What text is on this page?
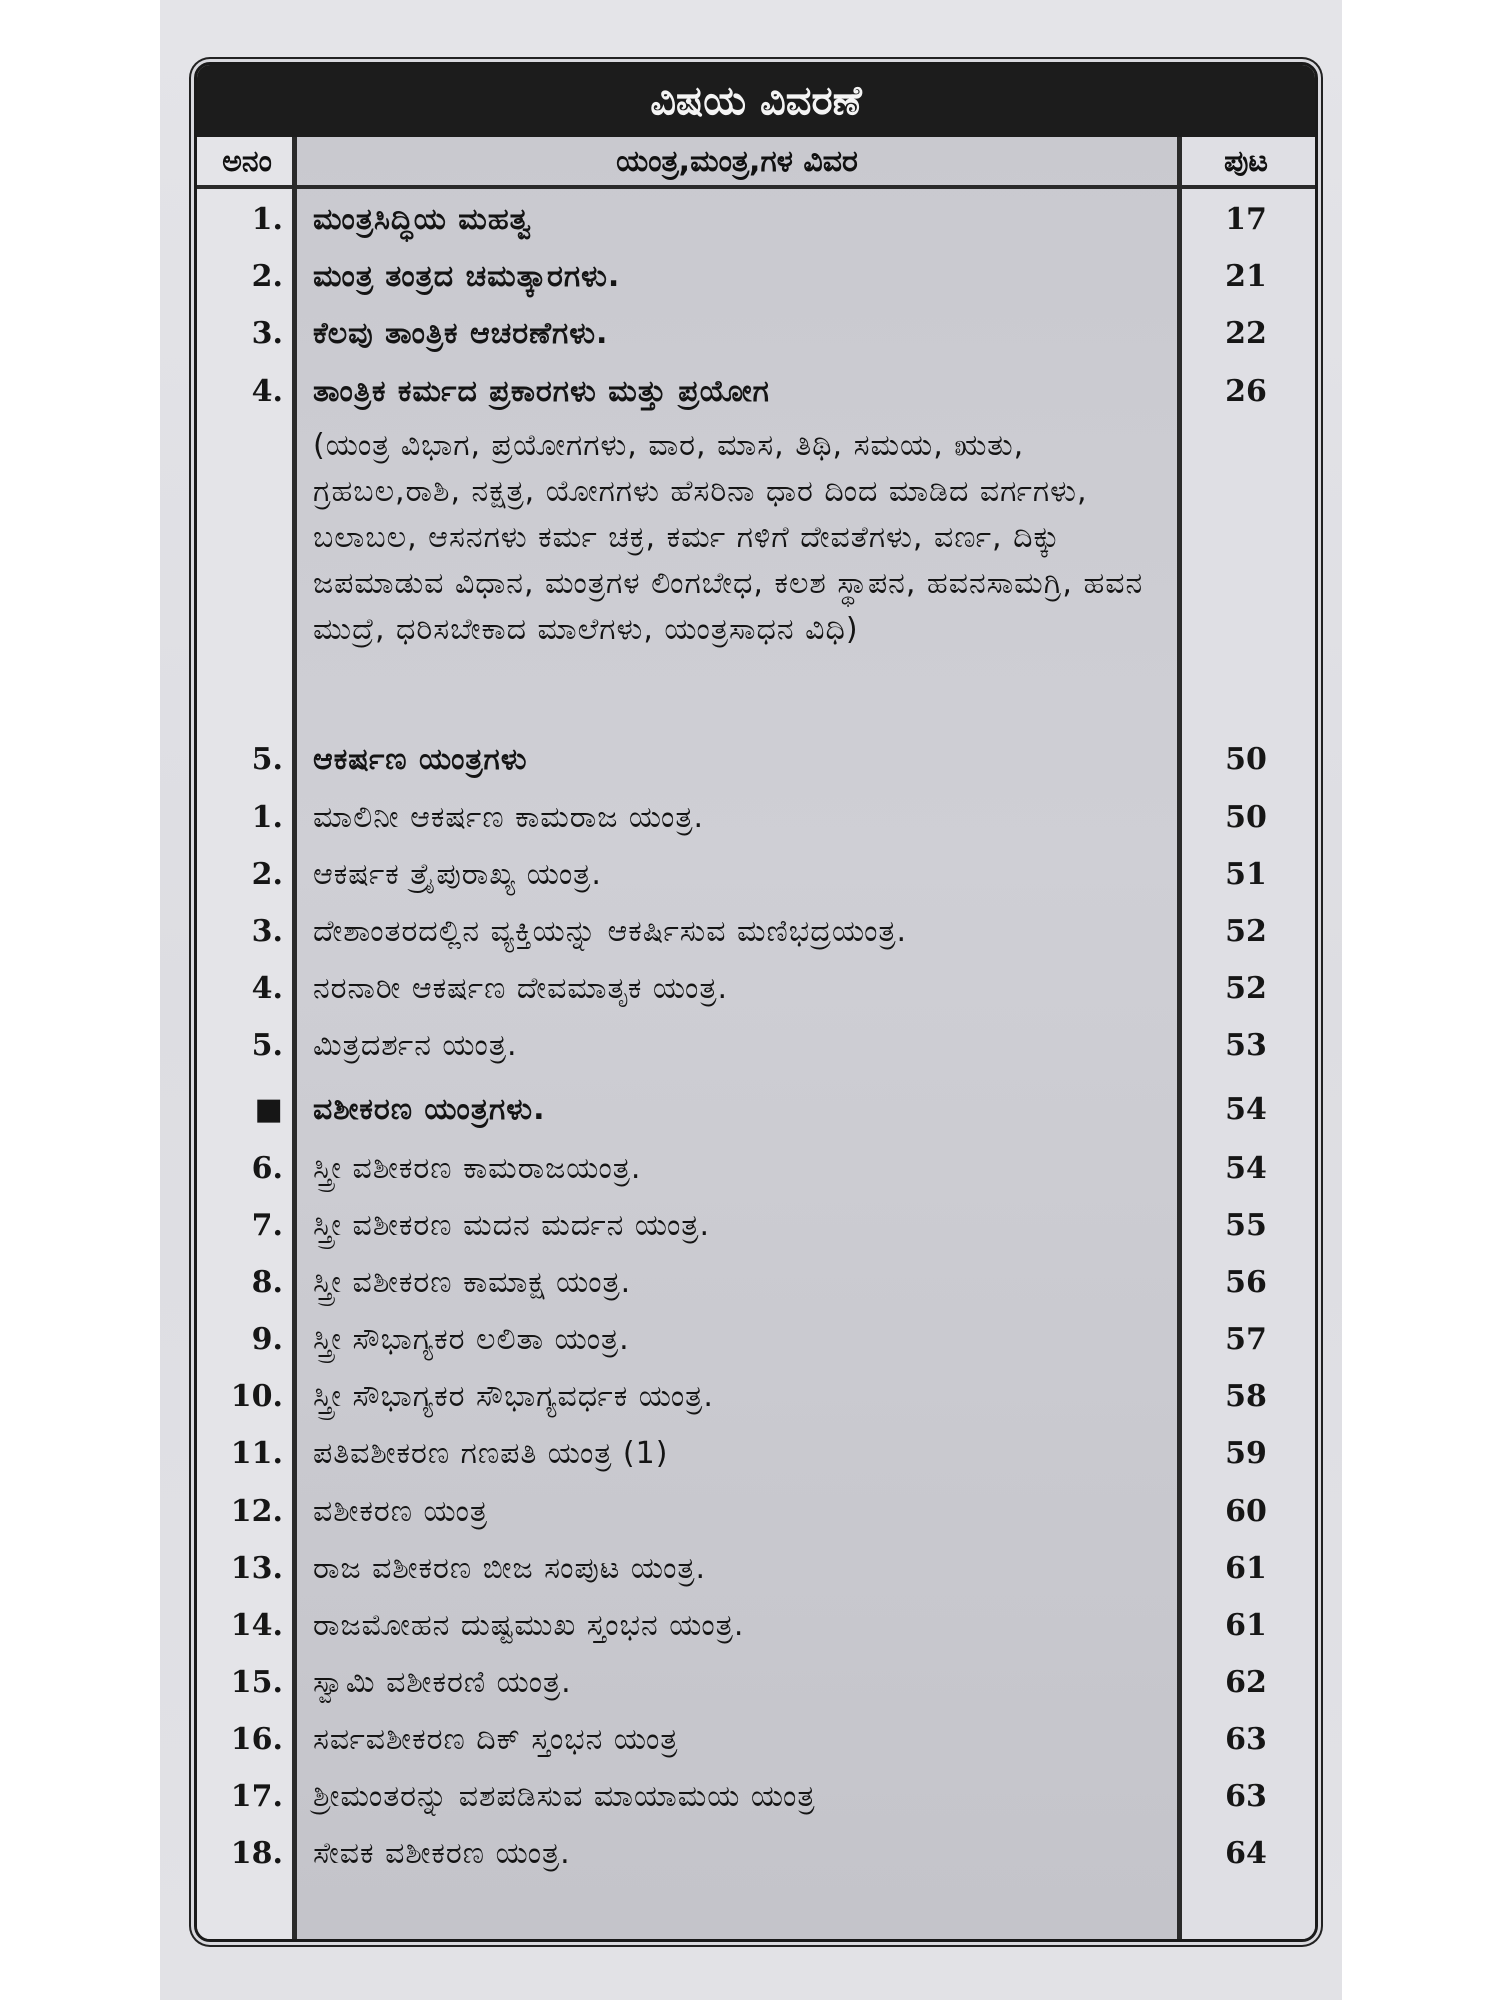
ವಿಷಯ ವಿವರಣೆ
ಅನಂ	ಯಂತ್ರ,ಮಂತ್ರ,ಗಳ ವಿವರ	ಪುಟ
1. ಮಂತ್ರಸಿದ್ಧಿಯ ಮಹತ್ವ	17
2. ಮಂತ್ರ ತಂತ್ರದ ಚಮತ್ಕಾರಗಳು.	21
3. ಕೆಲವು ತಾಂತ್ರಿಕ ಆಚರಣೆಗಳು.	22
4. ತಾಂತ್ರಿಕ ಕರ್ಮದ ಪ್ರಕಾರಗಳು ಮತ್ತು ಪ್ರಯೋಗ	26
(ಯಂತ್ರ ವಿಭಾಗ, ಪ್ರಯೋಗಗಳು, ವಾರ, ಮಾಸ, ತಿಥಿ, ಸಮಯ, ಋತು, ಗ್ರಹಬಲ,ರಾಶಿ, ನಕ್ಷತ್ರ, ಯೋಗಗಳು ಹೆಸರಿನಾ ಧಾರ ದಿಂದ ಮಾಡಿದ ವರ್ಗಗಳು, ಬಲಾಬಲ, ಆಸನಗಳು ಕರ್ಮ ಚಕ್ರ, ಕರ್ಮ ಗಳಿಗೆ ದೇವತೆಗಳು, ವರ್ಣ, ದಿಕ್ಕು ಜಪಮಾಡುವ ವಿಧಾನ, ಮಂತ್ರಗಳ ಲಿಂಗಬೇಧ, ಕಲಶ ಸ್ಥಾಪನ, ಹವನಸಾಮಗ್ರಿ, ಹವನ ಮುದ್ರೆ, ಧರಿಸಬೇಕಾದ ಮಾಲೆಗಳು, ಯಂತ್ರಸಾಧನ ವಿಧಿ)
5. ಆಕರ್ಷಣ ಯಂತ್ರಗಳು	50
1. ಮಾಲಿನೀ ಆಕರ್ಷಣ ಕಾಮರಾಜ ಯಂತ್ರ.	50
2. ಆಕರ್ಷಕ ತ್ರೈಪುರಾಖ್ಯ ಯಂತ್ರ.	51
3. ದೇಶಾಂತರದಲ್ಲಿನ ವ್ಯಕ್ತಿಯನ್ನು ಆಕರ್ಷಿಸುವ ಮಣಿಭದ್ರಯಂತ್ರ.	52
4. ನರನಾರೀ ಆಕರ್ಷಣ ದೇವಮಾತೃಕ ಯಂತ್ರ.	52
5. ಮಿತ್ರದರ್ಶನ ಯಂತ್ರ.	53
■ ವಶೀಕರಣ ಯಂತ್ರಗಳು.	54
6. ಸ್ತ್ರೀ ವಶೀಕರಣ ಕಾಮರಾಜಯಂತ್ರ.	54
7. ಸ್ತ್ರೀ ವಶೀಕರಣ ಮದನ ಮರ್ದನ ಯಂತ್ರ.	55
8. ಸ್ತ್ರೀ ವಶೀಕರಣ ಕಾಮಾಕ್ಷ ಯಂತ್ರ.	56
9. ಸ್ತ್ರೀ ಸೌಭಾಗ್ಯಕರ ಲಲಿತಾ ಯಂತ್ರ.	57
10. ಸ್ತ್ರೀ ಸೌಭಾಗ್ಯಕರ ಸೌಭಾಗ್ಯವರ್ಧಕ ಯಂತ್ರ.	58
11. ಪತಿವಶೀಕರಣ ಗಣಪತಿ ಯಂತ್ರ (1)	59
12. ವಶೀಕರಣ ಯಂತ್ರ	60
13. ರಾಜ ವಶೀಕರಣ ಬೀಜ ಸಂಪುಟ ಯಂತ್ರ.	61
14. ರಾಜಮೋಹನ ದುಷ್ಟಮುಖ ಸ್ತಂಭನ ಯಂತ್ರ.	61
15. ಸ್ವಾಮಿ ವಶೀಕರಣಿ ಯಂತ್ರ.	62
16. ಸರ್ವವಶೀಕರಣ ದಿಕ್ ಸ್ತಂಭನ ಯಂತ್ರ	63
17. ಶ್ರೀಮಂತರನ್ನು ವಶಪಡಿಸುವ ಮಾಯಾಮಯ ಯಂತ್ರ	63
18. ಸೇವಕ ವಶೀಕರಣ ಯಂತ್ರ.	64
